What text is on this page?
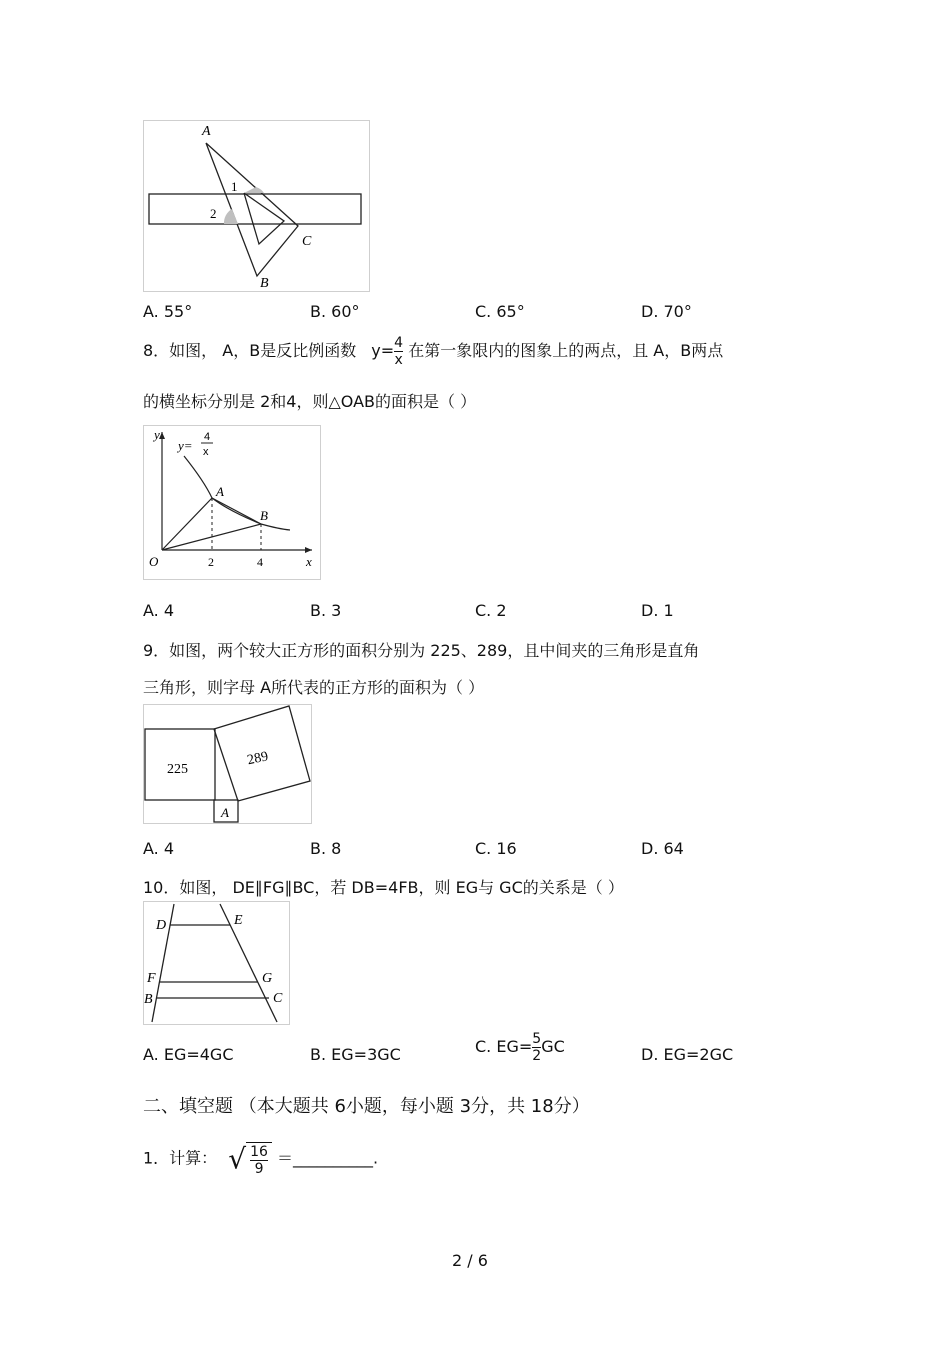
A
B
C
1
2
A. 55°	B. 60°	C. 65°	D. 70°
8．如图， A，B是反比例函数 $y= \frac{4}{x}$ 在第一象限内的图象上的两点，且 A，B两点
的横坐标分别是 2和4，则△OAB的面积是（ ）
y
x
O
A
B
2	4
y=
4
x
A. 4	B. 3	C. 2	D. 1
9．如图，两个较大正方形的面积分别为 225、289，且中间夹的三角形是直角
三角形，则字母 A所代表的正方形的面积为（ ）
225
289
A
A. 4	B. 8	C. 16	D. 64
10．如图， DE∥FG∥BC，若 DB=4FB，则 EG与 GC的关系是（ ）
D	E
F	G
B	C
A. EG=4GC	B. EG=3GC	C. $EG= \frac{5}{2}$ GC	D. EG=2GC
二、填空题 （本大题共 6小题，每小题 3分，共 18分）
1．计算： √ $\frac{16}{9}$ ＝__________.
2 / 6
